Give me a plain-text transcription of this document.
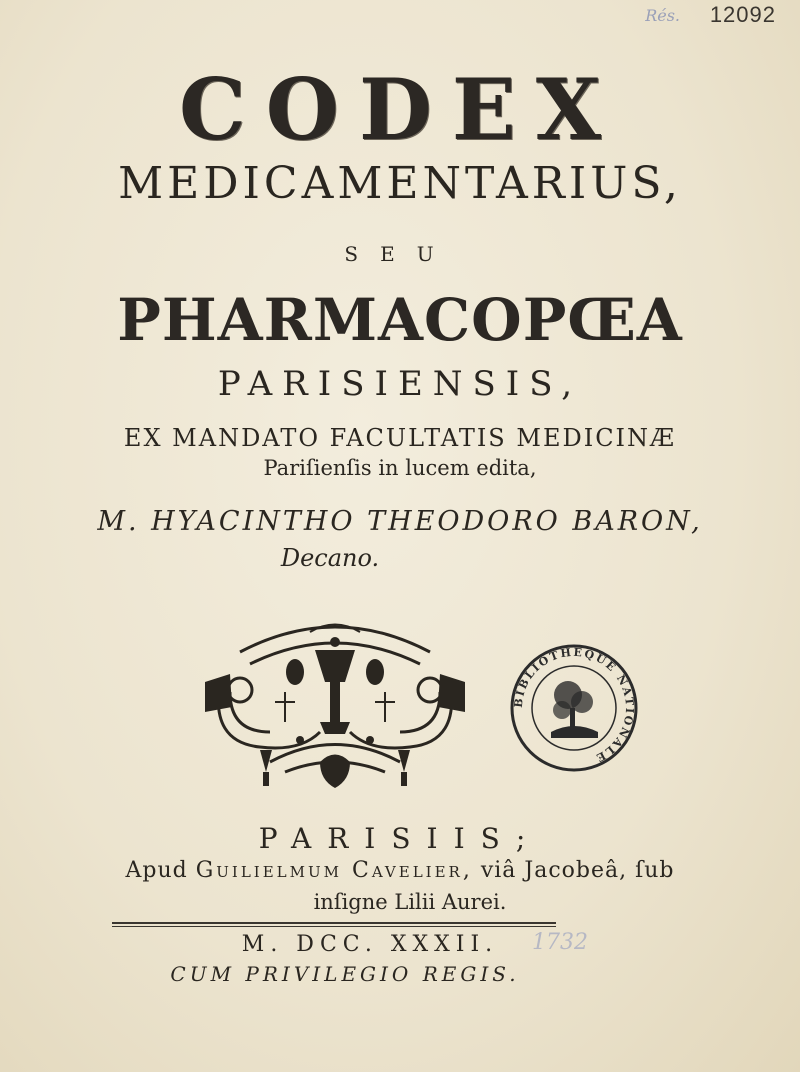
Rés. 12092
CODEX
MEDICAMENTARIUS,
SEU
PHARMACOPŒA
PARISIENSIS,
EX MANDATO FACULTATIS MEDICINÆ
Pariſienſis in lucem edita,
M. HYACINTHO THEODORO BARON,
Decano.
BIBLIOTHEQUE NATIONALE
PARISIIS;
Apud Guilielmum Cavelier, viâ Jacobeâ, ſub
inſigne Lilii Aurei.
M. DCC. XXXII.	1732
CUM PRIVILEGIO REGIS.
